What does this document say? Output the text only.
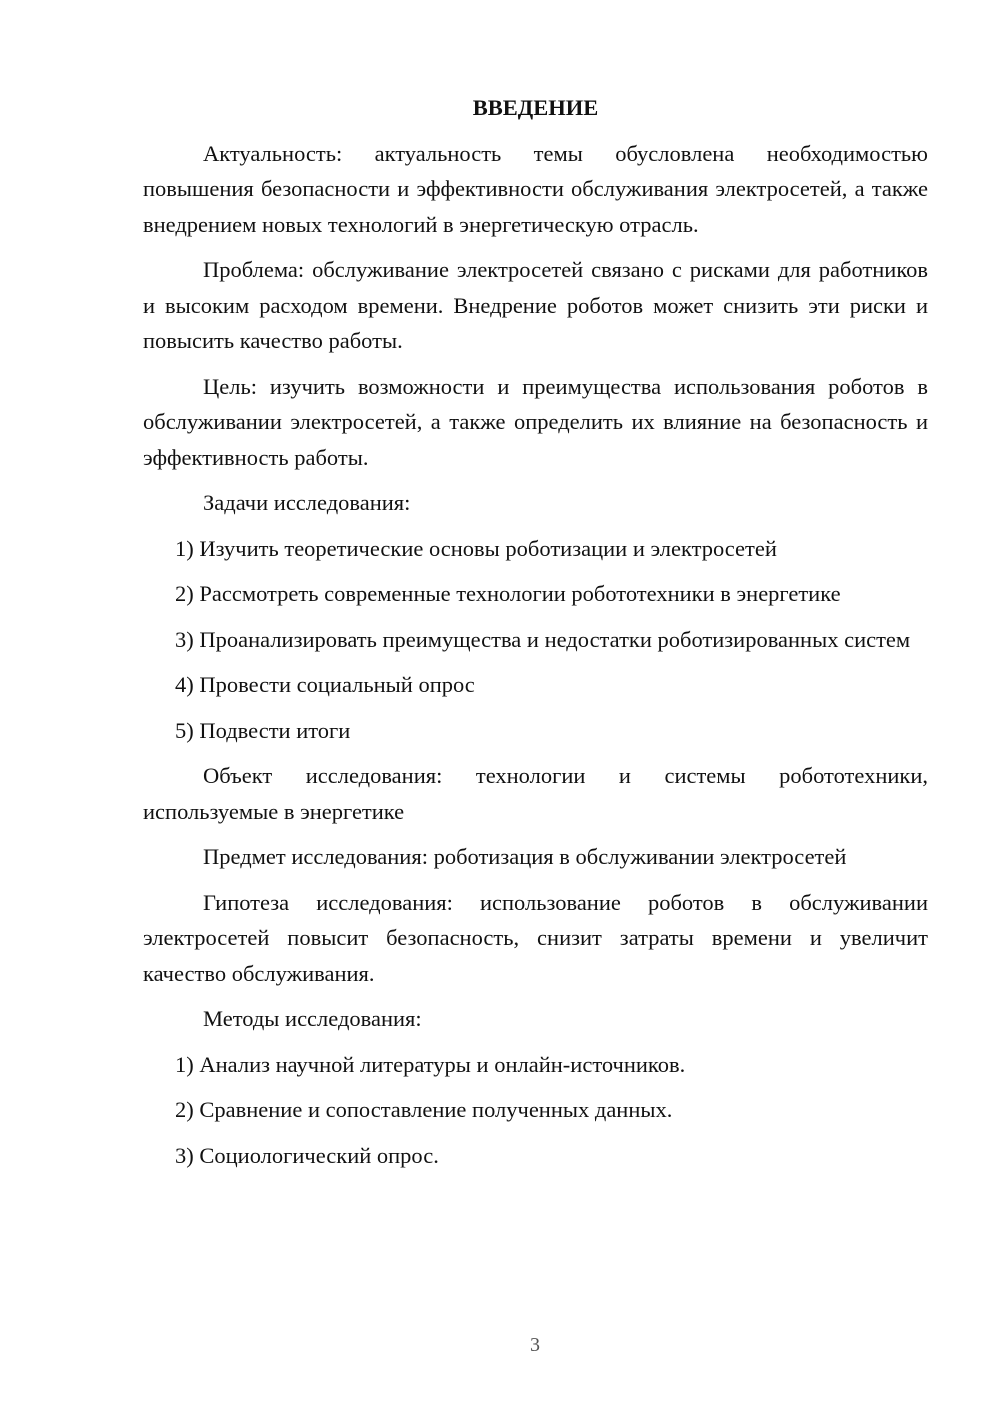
ВВЕДЕНИЕ
Актуальность: актуальность темы обусловлена необходимостью повышения безопасности и эффективности обслуживания электросетей, а также внедрением новых технологий в энергетическую отрасль.
Проблема: обслуживание электросетей связано с рисками для работников и высоким расходом времени. Внедрение роботов может снизить эти риски и повысить качество работы.
Цель: изучить возможности и преимущества использования роботов в обслуживании электросетей, а также определить их влияние на безопасность и эффективность работы.
Задачи исследования:
1) Изучить теоретические основы роботизации и электросетей
2) Рассмотреть современные технологии робототехники в энергетике
3) Проанализировать преимущества и недостатки роботизированных систем
4) Провести социальный опрос
5) Подвести итоги
Объект исследования: технологии и системы робототехники, используемые в энергетике
Предмет исследования: роботизация в обслуживании электросетей
Гипотеза исследования: использование роботов в обслуживании электросетей повысит безопасность, снизит затраты времени и увеличит качество обслуживания.
Методы исследования:
1) Анализ научной литературы и онлайн-источников.
2) Сравнение и сопоставление полученных данных.
3) Социологический опрос.
3
